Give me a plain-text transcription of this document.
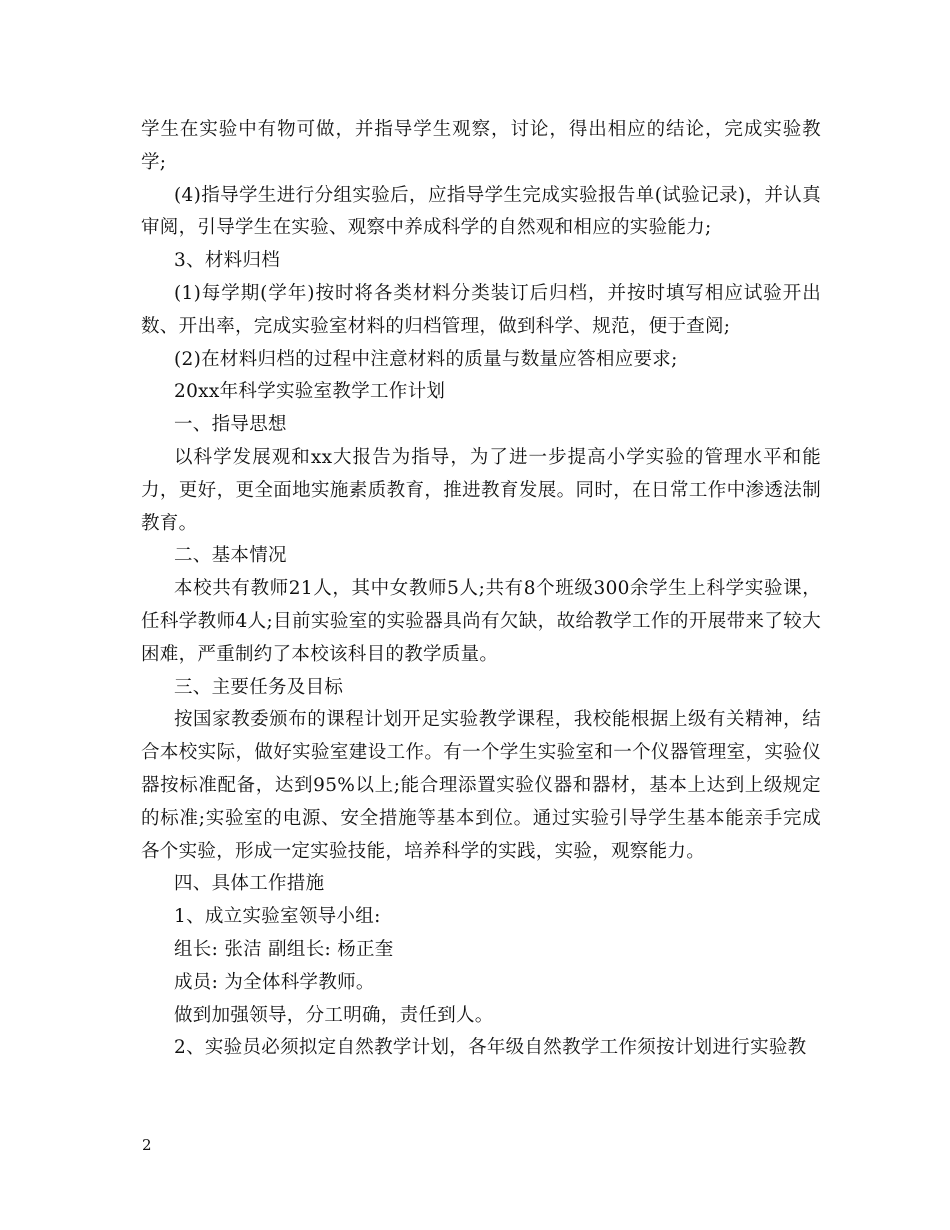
学生在实验中有物可做，并指导学生观察，讨论，得出相应的结论，完成实验教学;

(4)指导学生进行分组实验后，应指导学生完成实验报告单(试验记录)，并认真审阅，引导学生在实验、观察中养成科学的自然观和相应的实验能力;

3、材料归档

(1)每学期(学年)按时将各类材料分类装订后归档，并按时填写相应试验开出数、开出率，完成实验室材料的归档管理，做到科学、规范，便于查阅;

(2)在材料归档的过程中注意材料的质量与数量应答相应要求;

20xx年科学实验室教学工作计划

一、指导思想

以科学发展观和xx大报告为指导，为了进一步提高小学实验的管理水平和能力，更好，更全面地实施素质教育，推进教育发展。同时，在日常工作中渗透法制教育。

二、基本情况

本校共有教师21人，其中女教师5人;共有8个班级300余学生上科学实验课，任科学教师4人;目前实验室的实验器具尚有欠缺，故给教学工作的开展带来了较大困难，严重制约了本校该科目的教学质量。

三、主要任务及目标

按国家教委颁布的课程计划开足实验教学课程，我校能根据上级有关精神，结合本校实际，做好实验室建设工作。有一个学生实验室和一个仪器管理室，实验仪器按标准配备，达到95%以上;能合理添置实验仪器和器材，基本上达到上级规定的标准;实验室的电源、安全措施等基本到位。通过实验引导学生基本能亲手完成各个实验，形成一定实验技能，培养科学的实践，实验，观察能力。

四、具体工作措施

1、成立实验室领导小组:

组长: 张洁 副组长: 杨正奎

成员: 为全体科学教师。

做到加强领导，分工明确，责任到人。

2、实验员必须拟定自然教学计划，各年级自然教学工作须按计划进行实验教

2
